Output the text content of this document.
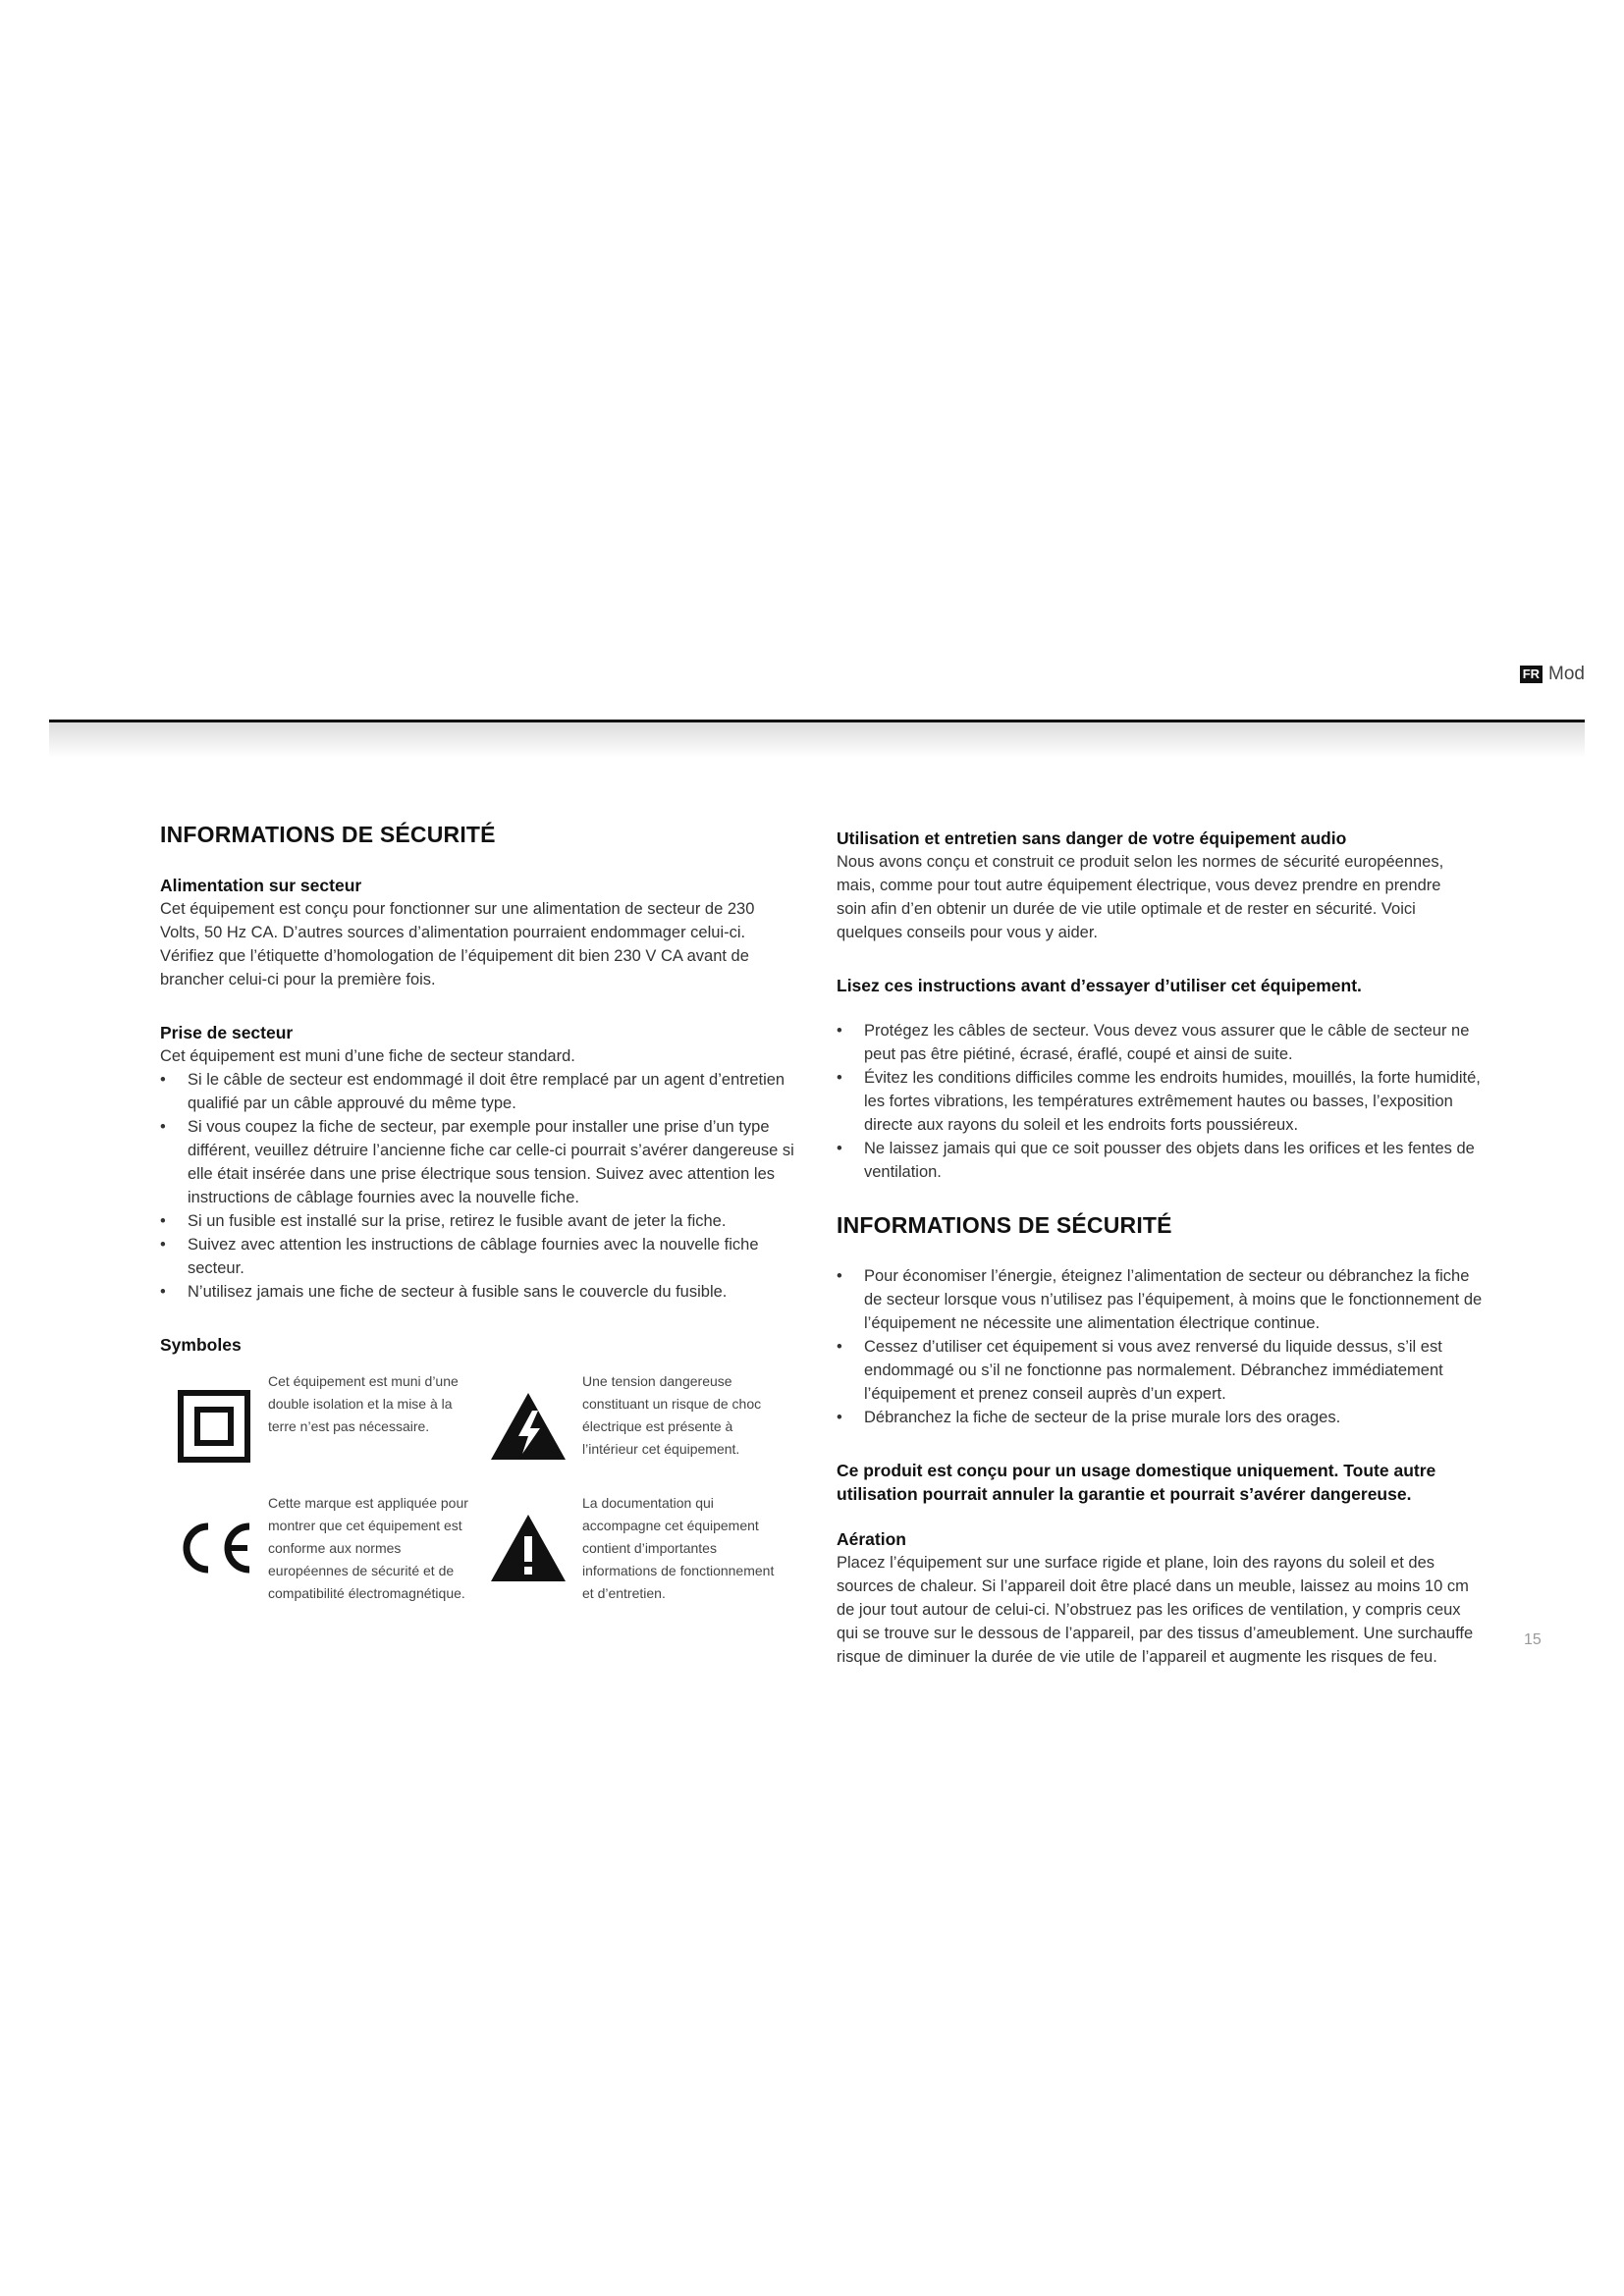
FR Mod
INFORMATIONS DE SÉCURITÉ
Alimentation sur secteur

Cet équipement est conçu pour fonctionner sur une alimentation de secteur de 230

Volts, 50 Hz CA. D’autres sources d’alimentation pourraient endommager celui-ci.

Vérifiez que l’étiquette d’homologation de l’équipement dit bien 230 V CA avant de

brancher celui-ci pour la première fois.

Prise de secteur

Cet équipement est muni d’une fiche de secteur standard.

• Si le câble de secteur est endommagé il doit être remplacé par un agent d’entretien qualifié par un câble approuvé du même type.
• Si vous coupez la fiche de secteur, par exemple pour installer une prise d’un type différent, veuillez détruire l’ancienne fiche car celle-ci pourrait s’avérer dangereuse si elle était insérée dans une prise électrique sous tension. Suivez avec attention les instructions de câblage fournies avec la nouvelle fiche.
• Si un fusible est installé sur la prise, retirez le fusible avant de jeter la fiche.
• Suivez avec attention les instructions de câblage fournies avec la nouvelle fiche secteur.
• N’utilisez jamais une fiche de secteur à fusible sans le couvercle du fusible.
Symboles
Cet équipement est muni d’une double isolation et la mise à la terre n’est pas nécessaire.
Une tension dangereuse constituant un risque de choc électrique est présente à l’intérieur cet équipement.
Cette marque est appliquée pour montrer que cet équipement est conforme aux normes européennes de sécurité et de compatibilité électromagnétique.
La documentation qui accompagne cet équipement contient d’importantes informations de fonctionnement et d’entretien.
Utilisation et entretien sans danger de votre équipement audio

Nous avons conçu et construit ce produit selon les normes de sécurité européennes,

mais, comme pour tout autre équipement électrique, vous devez prendre en prendre

soin afin d’en obtenir un durée de vie utile optimale et de rester en sécurité. Voici

quelques conseils pour vous y aider.

Lisez ces instructions avant d’essayer d’utiliser cet équipement.
• Protégez les câbles de secteur. Vous devez vous assurer que le câble de secteur ne peut pas être piétiné, écrasé, éraflé, coupé et ainsi de suite.
• Évitez les conditions difficiles comme les endroits humides, mouillés, la forte humidité, les fortes vibrations, les températures extrêmement hautes ou basses, l’exposition directe aux rayons du soleil et les endroits forts poussiéreux.
• Ne laissez jamais qui que ce soit pousser des objets dans les orifices et les fentes de ventilation.
INFORMATIONS DE SÉCURITÉ
• Pour économiser l’énergie, éteignez l’alimentation de secteur ou débranchez la fiche de secteur lorsque vous n’utilisez pas l’équipement, à moins que le fonctionnement de l’équipement ne nécessite une alimentation électrique continue.
• Cessez d’utiliser cet équipement si vous avez renversé du liquide dessus, s’il est endommagé ou s’il ne fonctionne pas normalement. Débranchez immédiatement l’équipement et prenez conseil auprès d’un expert.
• Débranchez la fiche de secteur de la prise murale lors des orages.
Ce produit est conçu pour un usage domestique uniquement. Toute autre
utilisation pourrait annuler la garantie et pourrait s’avérer dangereuse.
Aération

Placez l’équipement sur une surface rigide et plane, loin des rayons du soleil et des

sources de chaleur. Si l’appareil doit être placé dans un meuble, laissez au moins 10 cm

de jour tout autour de celui-ci. N’obstruez pas les orifices de ventilation, y compris ceux

qui se trouve sur le dessous de l’appareil, par des tissus d’ameublement. Une surchauffe

risque de diminuer la durée de vie utile de l’appareil et augmente les risques de feu.

15
